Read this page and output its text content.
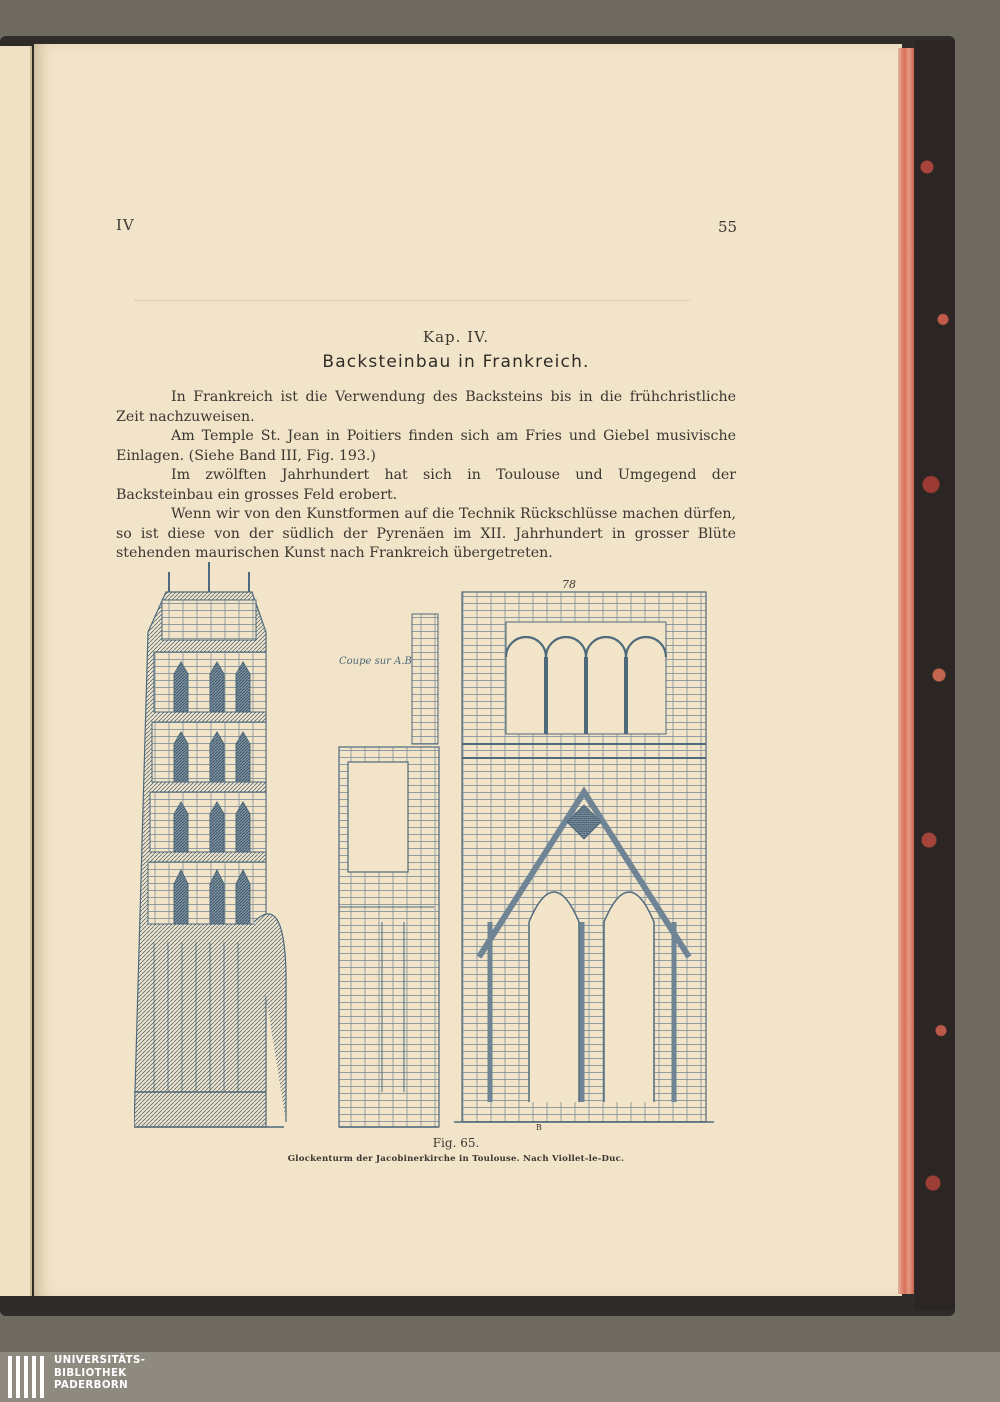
IV	55
Kap. IV.
Backsteinbau in Frankreich.

In Frankreich ist die Verwendung des Backsteins bis in die frühchristliche Zeit nachzuweisen.

Am Temple St. Jean in Poitiers finden sich am Fries und Giebel musivische Einlagen. (Siehe Band III, Fig. 193.)

Im zwölften Jahrhundert hat sich in Toulouse und Umgegend der Backsteinbau ein grosses Feld erobert.

Wenn wir von den Kunstformen auf die Technik Rückschlüsse machen dürfen, so ist diese von der südlich der Pyrenäen im XII. Jahrhundert in grosser Blüte stehenden maurischen Kunst nach Frankreich übergetreten.

Coupe sur A.B
78
B
Fig. 65.
Glockenturm der Jacobinerkirche in Toulouse. Nach Viollet-le-Duc.
UNIVERSITÄTS-
BIBLIOTHEK
PADERBORN
